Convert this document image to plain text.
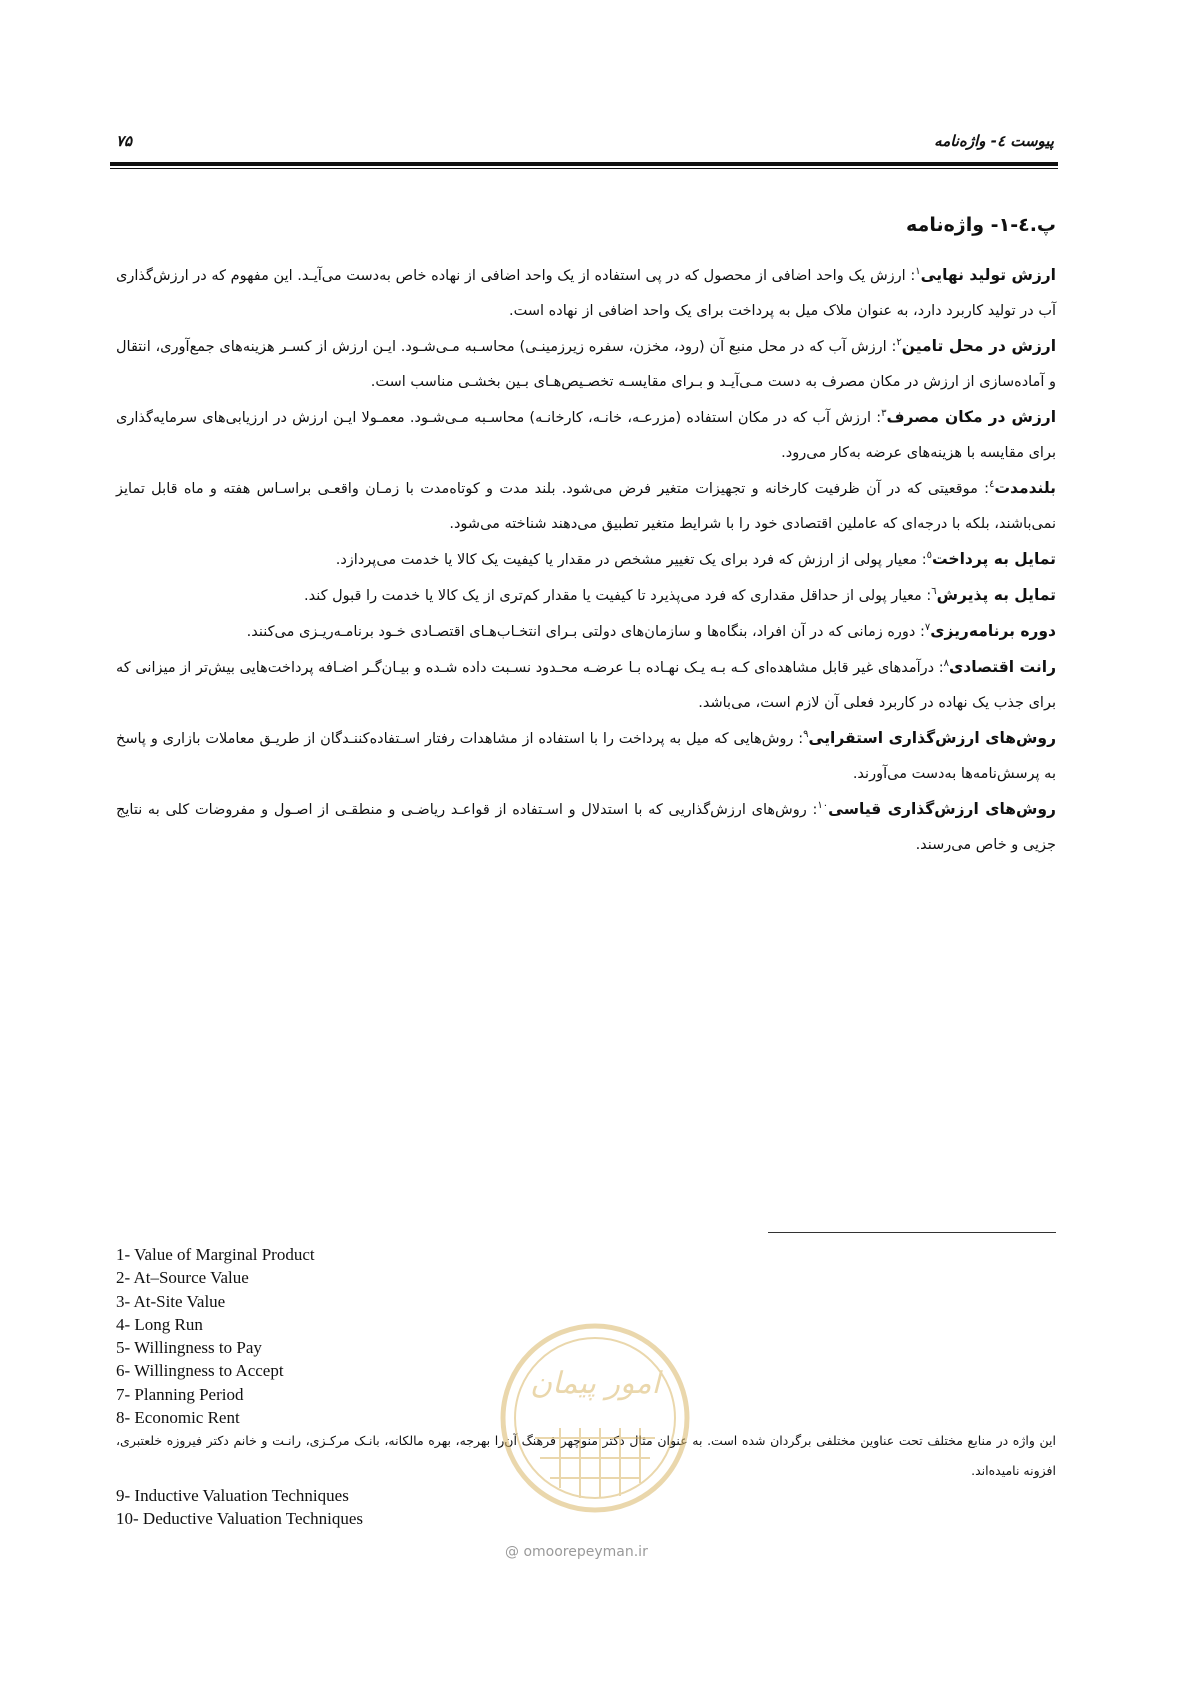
۷۵	پیوست ٤- واژه‌نامه
پ.٤-١- واژه‌نامه

ارزش تولید نهایی$^١$: ارزش یک واحد اضافی از محصول که در پی استفاده از یک واحد اضافی از نهاده خاص به‌دست می‌آیـد. این مفهوم که در ارزش‌گذاری آب در تولید کاربرد دارد، به عنوان ملاک میل به پرداخت برای یک واحد اضافی از نهاده است.

ارزش در محل تامین$^٢$: ارزش آب که در محل منبع آن (رود، مخزن، سفره زیرزمینـی) محاسـبه مـی‌شـود. ایـن ارزش از کسـر هزینه‌های جمع‌آوری، انتقال و آماده‌سازی از ارزش در مکان مصرف به دست مـی‌آیـد و بـرای مقایسـه تخصـیص‌هـای بـین بخشـی مناسب است.

ارزش در مکان مصرف$^٣$: ارزش آب که در مکان استفاده (مزرعـه، خانـه، کارخانـه) محاسـبه مـی‌شـود. معمـولا ایـن ارزش در ارزیابی‌های سرمایه‌گذاری برای مقایسه با هزینه‌های عرضه به‌کار می‌رود.

بلندمدت$^٤$: موقعیتی که در آن ظرفیت کارخانه و تجهیزات متغیر فرض می‌شود. بلند مدت و کوتاه‌مدت با زمـان واقعـی براسـاس هفته و ماه قابل تمایز نمی‌باشند، بلکه با درجه‌ای که عاملین اقتصادی خود را با شرایط متغیر تطبیق می‌دهند شناخته می‌شود.

تمایل به پرداخت$^٥$: معیار پولی از ارزش که فرد برای یک تغییر مشخص در مقدار یا کیفیت یک کالا یا خدمت می‌پردازد.

تمایل به پذیرش$^٦$: معیار پولی از حداقل مقداری که فرد می‌پذیرد تا کیفیت یا مقدار کم‌تری از یک کالا یا خدمت را قبول کند.

دوره برنامه‌ریزی$^٧$: دوره زمانی که در آن افراد، بنگاه‌ها و سازمان‌های دولتی بـرای انتخـاب‌هـای اقتصـادی خـود برنامـه‌ریـزی می‌کنند.

رانت اقتصادی$^٨$: درآمدهای غیر قابل مشاهده‌ای کـه بـه یـک نهـاده بـا عرضـه محـدود نسـبت داده شـده و بیـان‌گـر اضـافه پرداخت‌هایی بیش‌تر از میزانی که برای جذب یک نهاده در کاربرد فعلی آن لازم است، می‌باشد.

روش‌های ارزش‌گذاری استقرایی$^٩$: روش‌هایی که میل به پرداخت را با استفاده از مشاهدات رفتار اسـتفاده‌کننـدگان از طریـق معاملات بازاری و پاسخ به پرسش‌نامه‌ها به‌دست می‌آورند.

روش‌های ارزش‌گذاری قیاسی$^{١٠}$: روش‌های ارزش‌گذاریی که با استدلال و اسـتفاده از قواعـد ریاضـی و منطقـی از اصـول و مفروضات کلی به نتایج جزیی و خاص می‌رسند.

1- Value of Marginal Product
2- At–Source Value
3- At-Site Value
4- Long Run
5- Willingness to Pay
6- Willingness to Accept
7- Planning Period
8- Economic Rent
این واژه در منابع مختلف تحت عناوین مختلفی برگردان شده است. به عنوان مثال دکتر منوچهر فرهنگ آن‌را بهرجه، بهره مالکانه، بانـک مرکـزی، رانـت و خانم دکتر فیروزه خلعتبری، افزونه نامیده‌اند.
9- Inductive Valuation Techniques
10- Deductive Valuation Techniques
امور پیمان
@ omoorepeyman.ir
